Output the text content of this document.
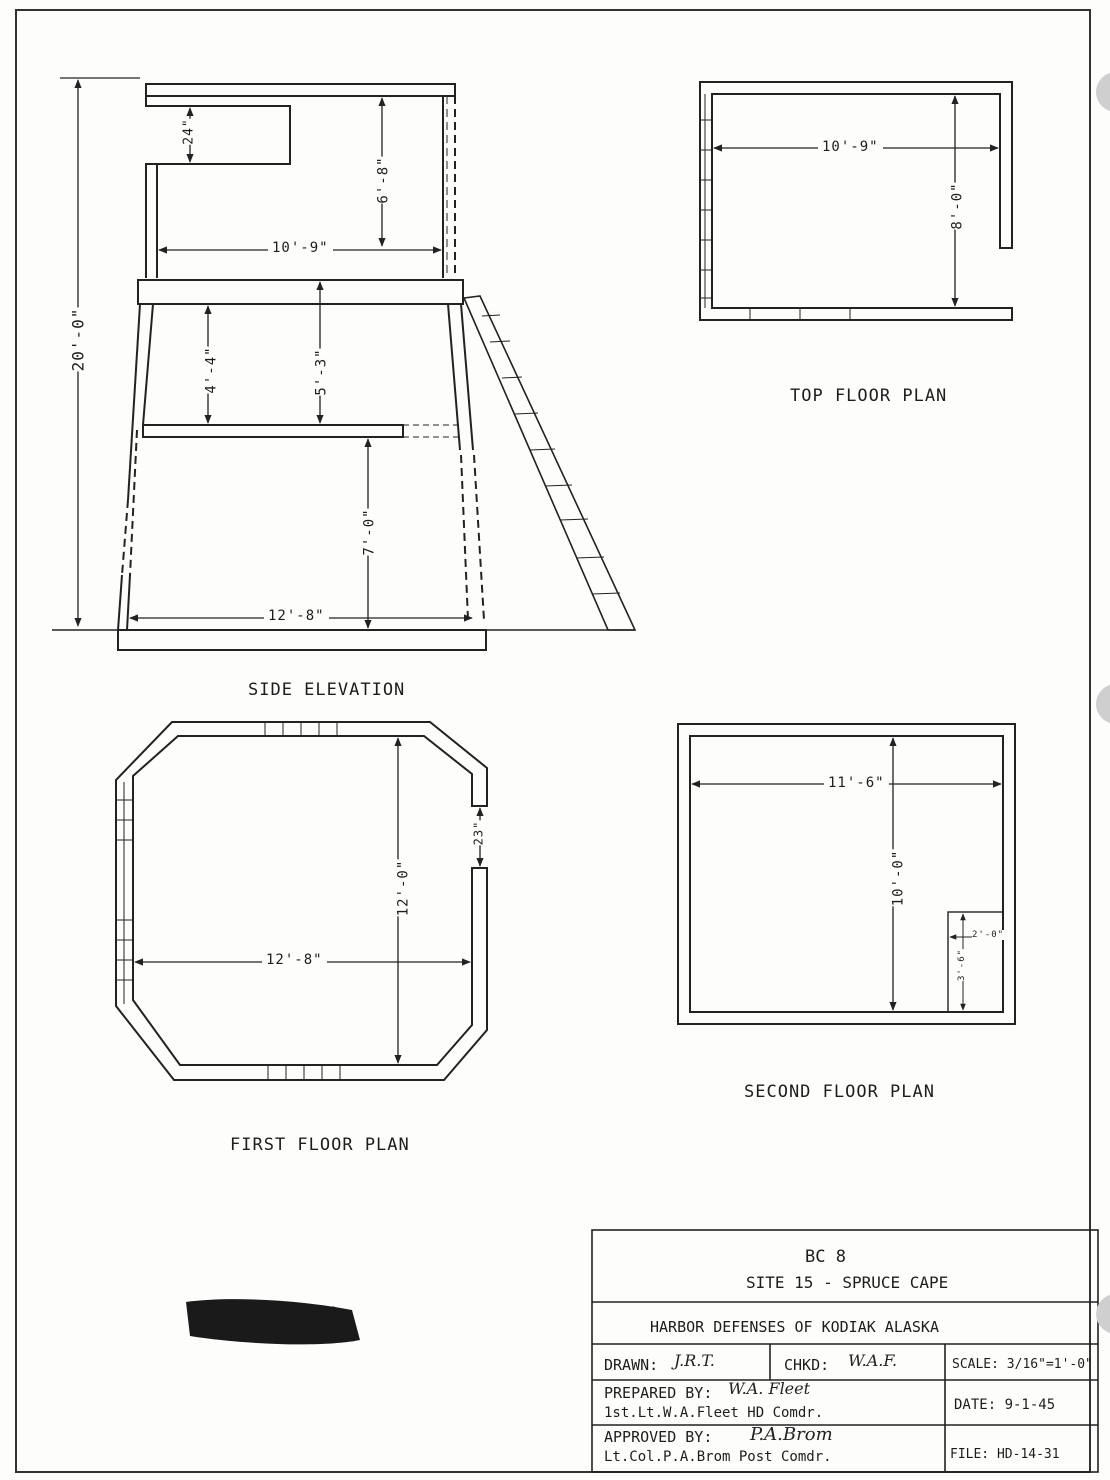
SIDE ELEVATION
20'-0"
24"
6'-8"
10'-9"
4'-4"	5'-3"
7'-0"
12'-8"
TOP FLOOR PLAN
10'-9"
8'-0"
FIRST FLOOR PLAN
12'-0"
12'-8"
23"
SECOND FLOOR PLAN
11'-6"
10'-0"
2'-0"
3'-6"
BC 8
SITE 15 - SPRUCE CAPE
HARBOR DEFENSES OF KODIAK ALASKA
DRAWN: J.R.T.	CHKD: W.A.F.	SCALE: 3/16"=1'-0"
PREPARED BY: W.A. Fleet
1st.Lt.W.A.Fleet HD Comdr.	DATE: 9-1-45
APPROVED BY: P.A.Brom
Lt.Col.P.A.Brom Post Comdr.	FILE: HD-14-31
SECRET
